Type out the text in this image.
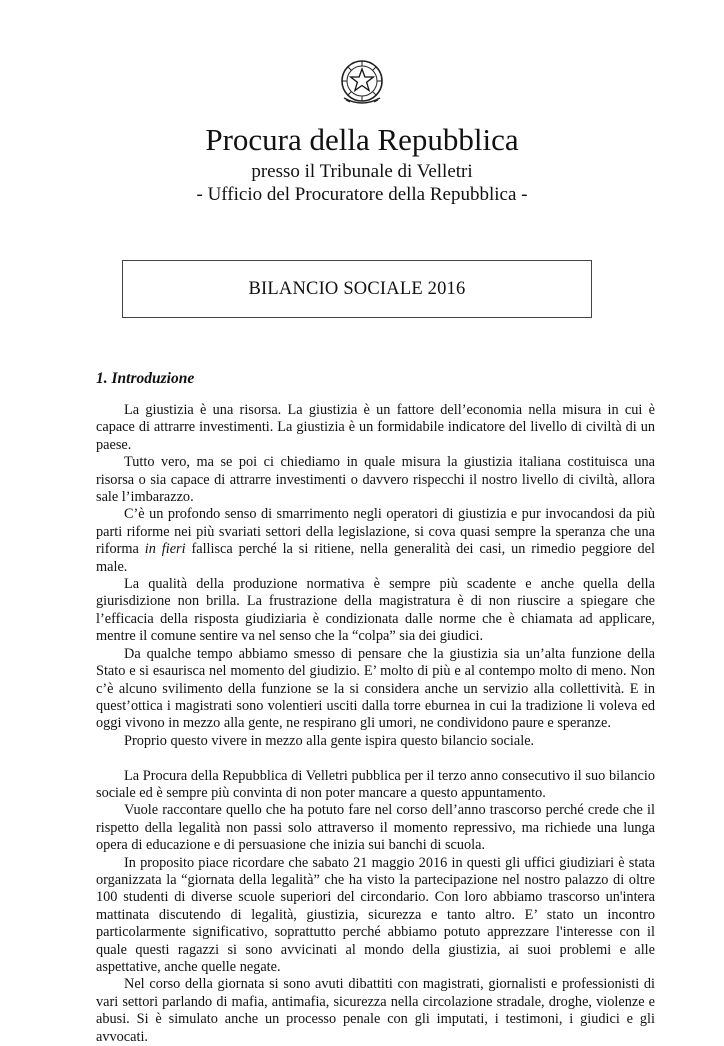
Procura della Repubblica
presso il Tribunale di Velletri
- Ufficio del Procuratore della Repubblica -
BILANCIO SOCIALE 2016
1. Introduzione

La giustizia è una risorsa. La giustizia è un fattore dell’economia nella misura in cui è capace di attrarre investimenti. La giustizia è un formidabile indicatore del livello di civiltà di un paese.

Tutto vero, ma se poi ci chiediamo in quale misura la giustizia italiana costituisca una risorsa o sia capace di attrarre investimenti o davvero rispecchi il nostro livello di civiltà, allora sale l’imbarazzo.

C’è un profondo senso di smarrimento negli operatori di giustizia e pur invocandosi da più parti riforme nei più svariati settori della legislazione, si cova quasi sempre la speranza che una riforma in fieri fallisca perché la si ritiene, nella generalità dei casi, un rimedio peggiore del male.

La qualità della produzione normativa è sempre più scadente e anche quella della giurisdizione non brilla. La frustrazione della magistratura è di non riuscire a spiegare che l’efficacia della risposta giudiziaria è condizionata dalle norme che è chiamata ad applicare, mentre il comune sentire va nel senso che la “colpa” sia dei giudici.

Da qualche tempo abbiamo smesso di pensare che la giustizia sia un’alta funzione della Stato e si esaurisca nel momento del giudizio. E’ molto di più e al contempo molto di meno. Non c’è alcuno svilimento della funzione se la si considera anche un servizio alla collettività. E in quest’ottica i magistrati sono volentieri usciti dalla torre eburnea in cui la tradizione li voleva ed oggi vivono in mezzo alla gente, ne respirano gli umori, ne condividono paure e speranze.

Proprio questo vivere in mezzo alla gente ispira questo bilancio sociale.

La Procura della Repubblica di Velletri pubblica per il terzo anno consecutivo il suo bilancio sociale ed è sempre più convinta di non poter mancare a questo appuntamento.

Vuole raccontare quello che ha potuto fare nel corso dell’anno trascorso perché crede che il rispetto della legalità non passi solo attraverso il momento repressivo, ma richiede una lunga opera di educazione e di persuasione che inizia sui banchi di scuola.

In proposito piace ricordare che sabato 21 maggio 2016 in questi gli uffici giudiziari è stata organizzata la “giornata della legalità” che ha visto la partecipazione nel nostro palazzo di oltre 100 studenti di diverse scuole superiori del circondario. Con loro abbiamo trascorso un'intera mattinata discutendo di legalità, giustizia, sicurezza e tanto altro. E’ stato un incontro particolarmente significativo, soprattutto perché abbiamo potuto apprezzare l'interesse con il quale questi ragazzi si sono avvicinati al mondo della giustizia, ai suoi problemi e alle aspettative, anche quelle negate.

Nel corso della giornata si sono avuti dibattiti con magistrati, giornalisti e professionisti di vari settori parlando di mafia, antimafia, sicurezza nella circolazione stradale, droghe, violenze e abusi. Si è simulato anche un processo penale con gli imputati, i testimoni, i giudici e gli avvocati.
